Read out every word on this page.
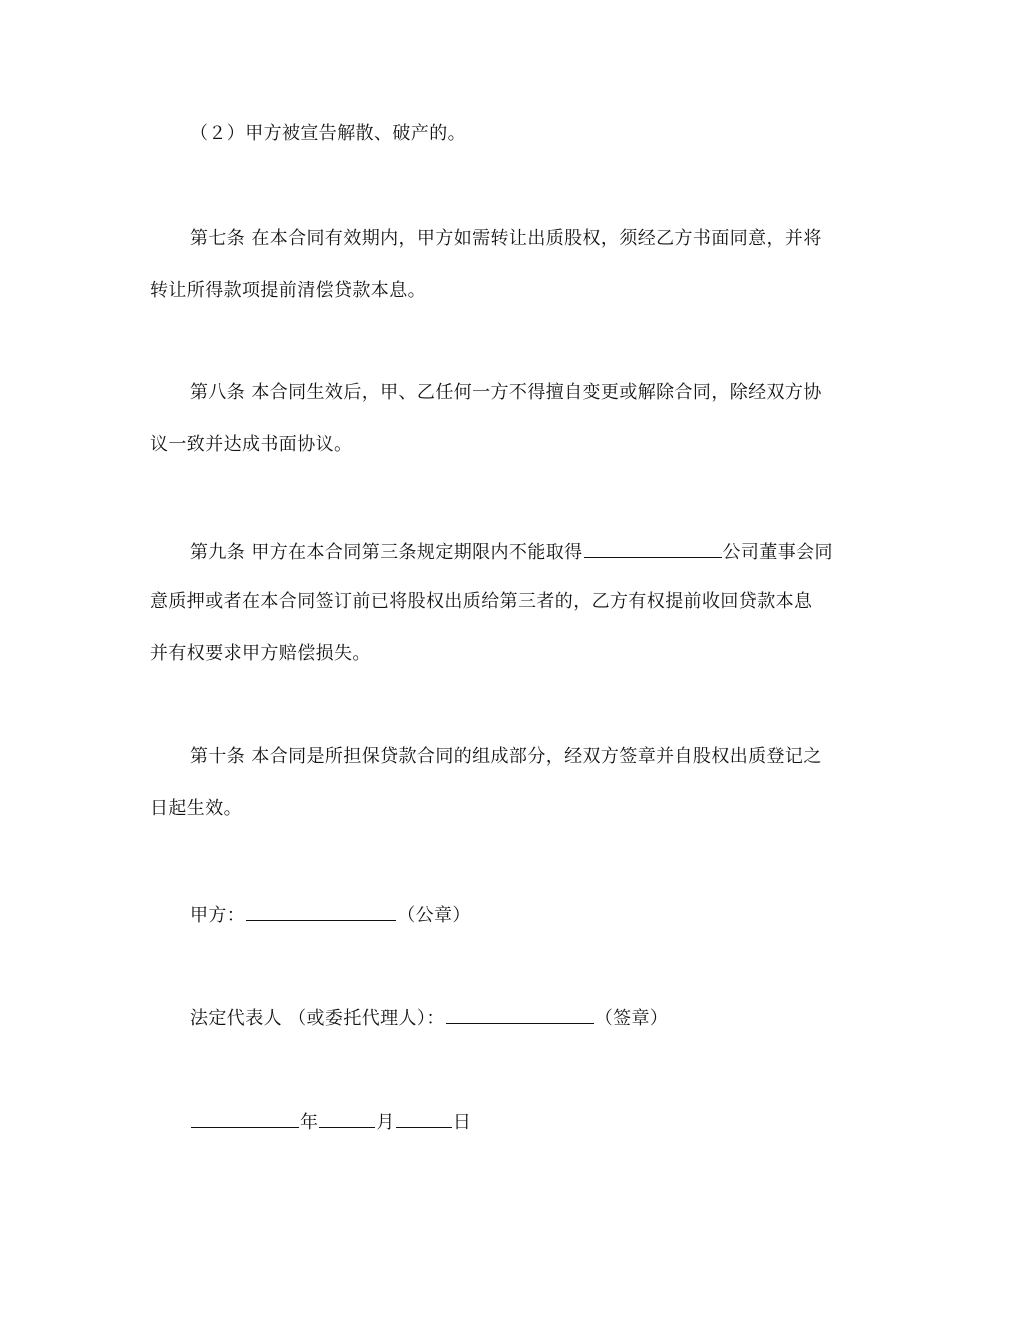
（２）甲方被宣告解散、破产的。
第七条 在本合同有效期内，甲方如需转让出质股权，须经乙方书面同意，并将
转让所得款项提前清偿贷款本息。
第八条 本合同生效后，甲、乙任何一方不得擅自变更或解除合同，除经双方协
议一致并达成书面协议。
第九条 甲方在本合同第三条规定期限内不能取得	公司董事会同
意质押或者在本合同签订前已将股权出质给第三者的，乙方有权提前收回贷款本息
并有权要求甲方赔偿损失。
第十条 本合同是所担保贷款合同的组成部分，经双方签章并自股权出质登记之
日起生效。
甲方：	（公章）
法定代表人 （或委托代理人）：	（签章）
年	月	日
